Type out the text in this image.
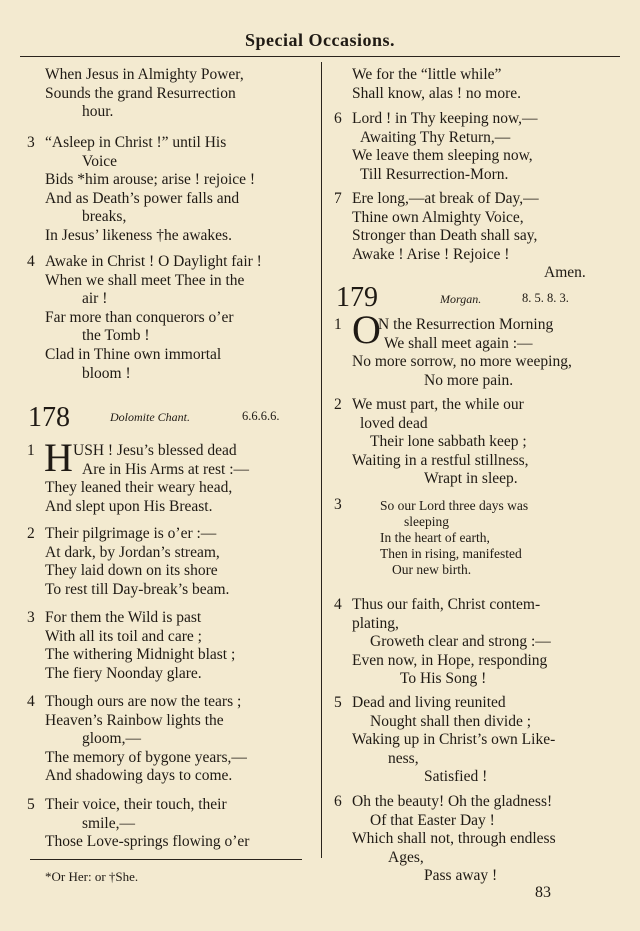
Special Occasions.
When Jesus in Almighty Power,
Sounds the grand Resurrection
hour.
3 “Asleep in Christ !” until His
Voice
Bids *him arouse; arise ! rejoice !
And as Death’s power falls and
breaks,
In Jesus’ likeness †he awakes.
4 Awake in Christ ! O Daylight fair !
When we shall meet Thee in the
air !
Far more than conquerors o’er
the Tomb !
Clad in Thine own immortal
bloom !
178	Dolomite Chant.	6.6.6.6.
1 H USH ! Jesu’s blessed dead
Are in His Arms at rest :—
They leaned their weary head,
And slept upon His Breast.
2 Their pilgrimage is o’er :—
At dark, by Jordan’s stream,
They laid down on its shore
To rest till Day-break’s beam.
3 For them the Wild is past
With all its toil and care ;
The withering Midnight blast ;
The fiery Noonday glare.
4 Though ours are now the tears ;
Heaven’s Rainbow lights the
gloom,—
The memory of bygone years,—
And shadowing days to come.
5 Their voice, their touch, their
smile,—
Those Love-springs flowing o’er
*Or Her: or †She.
We for the “little while”
Shall know, alas ! no more.
6 Lord ! in Thy keeping now,—
Awaiting Thy Return,—
We leave them sleeping now,
Till Resurrection-Morn.
7 Ere long,—at break of Day,—
Thine own Almighty Voice,
Stronger than Death shall say,
Awake ! Arise ! Rejoice !
Amen.
179	Morgan.	8. 5. 8. 3.
1 O
N the Resurrection Morning
We shall meet again :—
No more sorrow, no more weeping,
No more pain.
2 We must part, the while our
loved dead
Their lone sabbath keep ;
Waiting in a restful stillness,
Wrapt in sleep.
3	So our Lord three days was
sleeping
In the heart of earth,
Then in rising, manifested
Our new birth.
4 Thus our faith, Christ contem-
plating,
Groweth clear and strong :—
Even now, in Hope, responding
To His Song !
5 Dead and living reunited
Nought shall then divide ;
Waking up in Christ’s own Like-
ness,
Satisfied !
6 Oh the beauty! Oh the gladness!
Of that Easter Day !
Which shall not, through endless
Ages,
Pass away !
83
